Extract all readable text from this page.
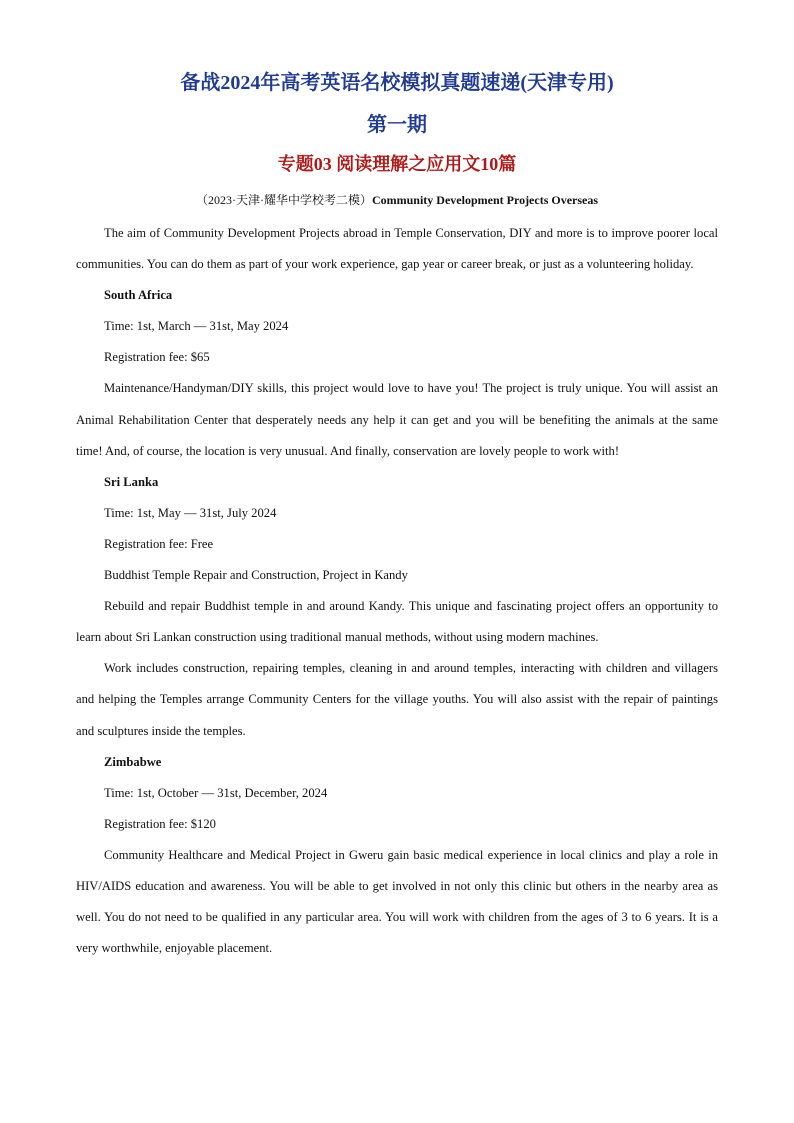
备战2024年高考英语名校模拟真题速递(天津专用)
第一期
专题03 阅读理解之应用文10篇
（2023·天津·耀华中学校考二模）Community Development Projects Overseas

The aim of Community Development Projects abroad in Temple Conservation, DIY and more is to improve poorer local communities. You can do them as part of your work experience, gap year or career break, or just as a volunteering holiday.

South Africa

Time: 1st, March — 31st, May 2024

Registration fee: $65

Maintenance/Handyman/DIY skills, this project would love to have you! The project is truly unique. You will assist an Animal Rehabilitation Center that desperately needs any help it can get and you will be benefiting the animals at the same time! And, of course, the location is very unusual. And finally, conservation are lovely people to work with!

Sri Lanka

Time: 1st, May — 31st, July 2024

Registration fee: Free

Buddhist Temple Repair and Construction, Project in Kandy

Rebuild and repair Buddhist temple in and around Kandy. This unique and fascinating project offers an opportunity to learn about Sri Lankan construction using traditional manual methods, without using modern machines.

Work includes construction, repairing temples, cleaning in and around temples, interacting with children and villagers and helping the Temples arrange Community Centers for the village youths. You will also assist with the repair of paintings and sculptures inside the temples.

Zimbabwe

Time: 1st, October — 31st, December, 2024

Registration fee: $120

Community Healthcare and Medical Project in Gweru gain basic medical experience in local clinics and play a role in HIV/AIDS education and awareness. You will be able to get involved in not only this clinic but others in the nearby area as well. You do not need to be qualified in any particular area. You will work with children from the ages of 3 to 6 years. It is a very worthwhile, enjoyable placement.
